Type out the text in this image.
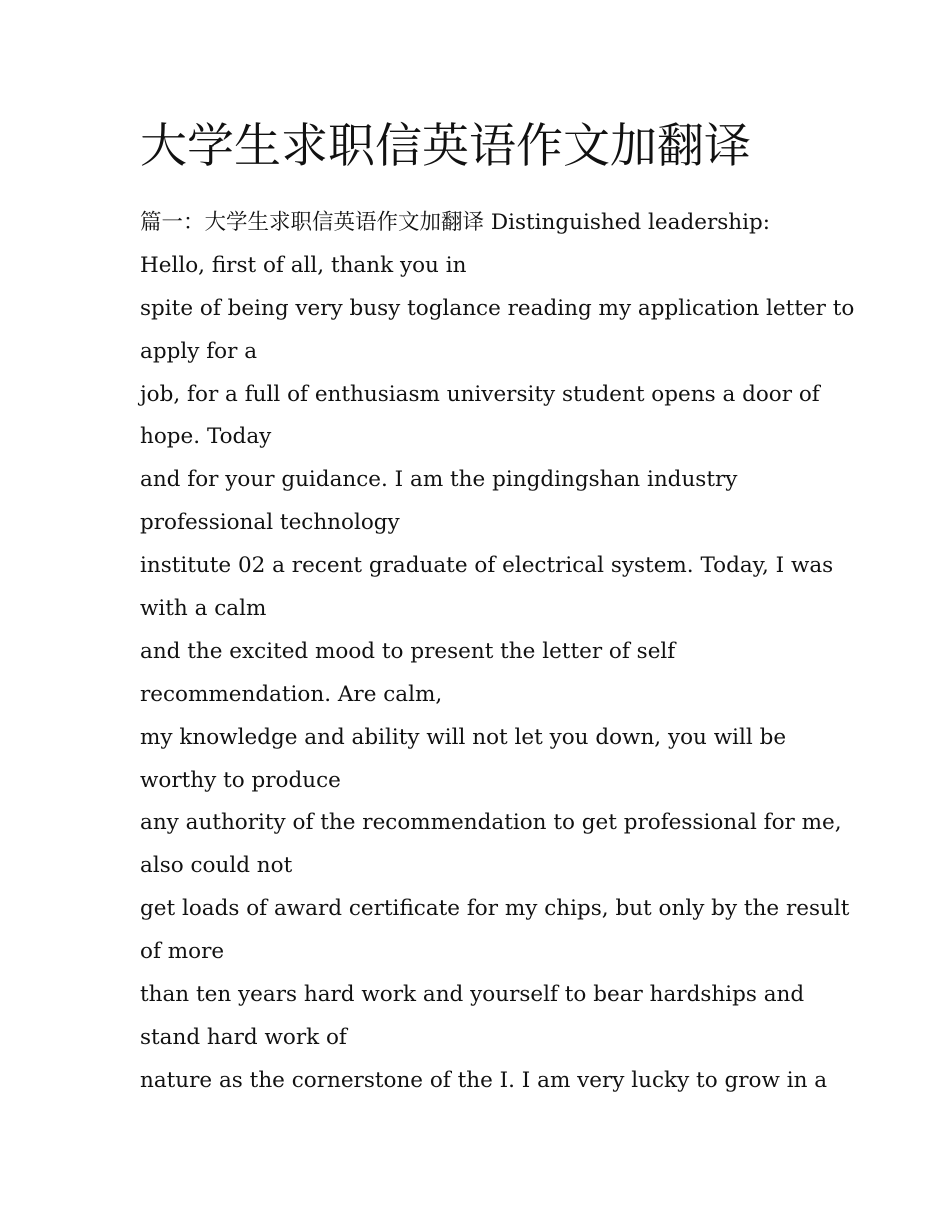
大学生求职信英语作文加翻译
篇一：大学生求职信英语作文加翻译 Distinguished leadership:
Hello, first of all, thank you in
spite of being very busy toglance reading my application letter to
apply for a
job, for a full of enthusiasm university student opens a door of
hope. Today
and for your guidance. I am the pingdingshan industry
professional technology
institute 02 a recent graduate of electrical system. Today, I was
with a calm
and the excited mood to present the letter of self
recommendation. Are calm,
my knowledge and ability will not let you down, you will be
worthy to produce
any authority of the recommendation to get professional for me,
also could not
get loads of award certificate for my chips, but only by the result
of more
than ten years hard work and yourself to bear hardships and
stand hard work of
nature as the cornerstone of the I. I am very lucky to grow in a
